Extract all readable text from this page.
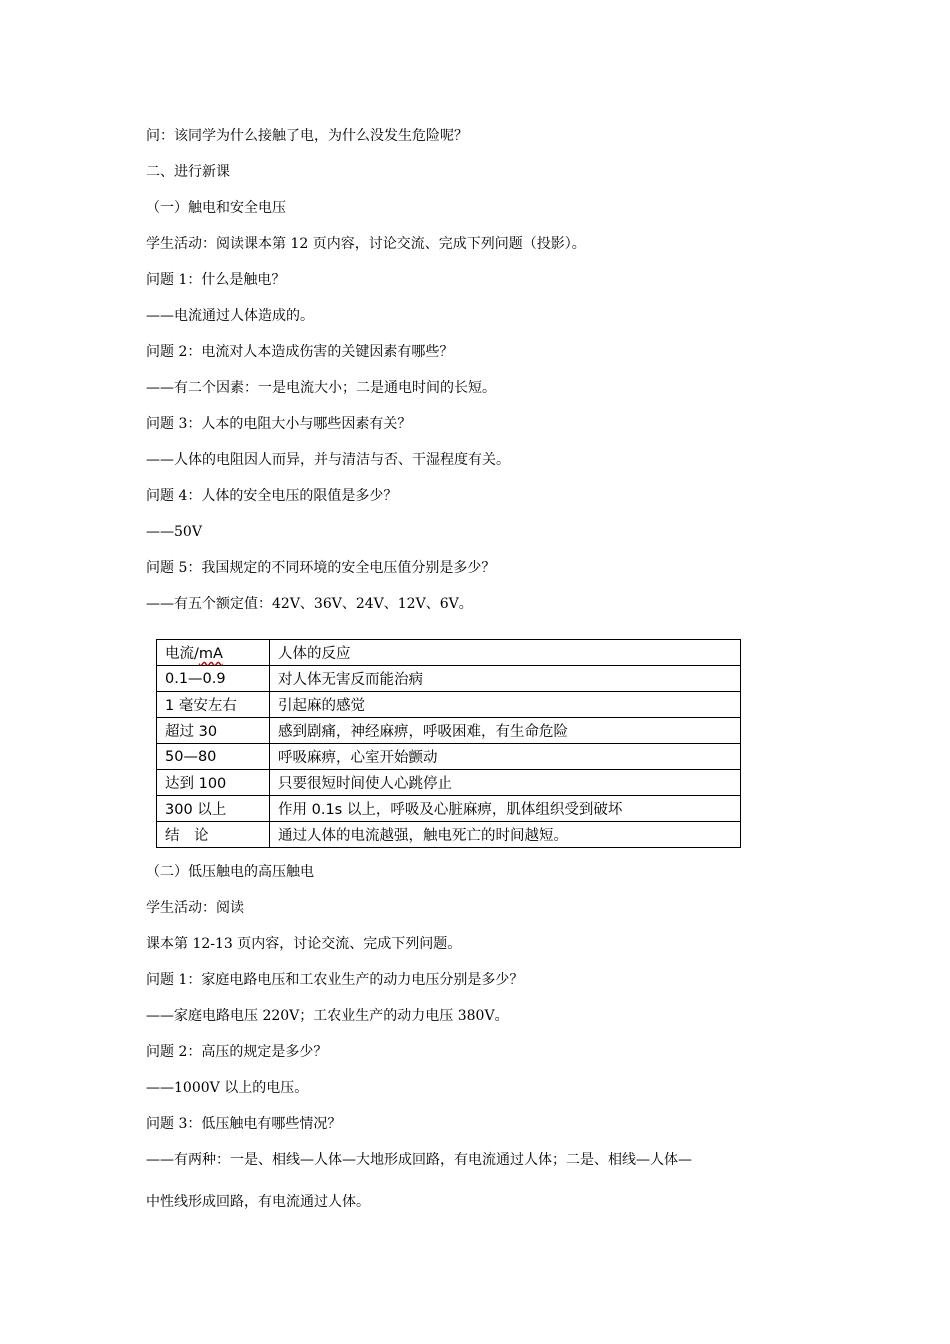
问：该同学为什么接触了电，为什么没发生危险呢？
二、进行新课
（一）触电和安全电压
学生活动：阅读课本第 12 页内容，讨论交流、完成下列问题（投影）。
问题 1：什么是触电？
——电流通过人体造成的。
问题 2：电流对人本造成伤害的关键因素有哪些？
——有二个因素：一是电流大小；二是通电时间的长短。
问题 3：人本的电阻大小与哪些因素有关？
——人体的电阻因人而异，并与清洁与否、干湿程度有关。
问题 4：人体的安全电压的限值是多少？
——50V
问题 5：我国规定的不同环境的安全电压值分别是多少？
——有五个额定值：42V、36V、24V、12V、6V。
电流/mA	人体的反应
0.1—0.9	对人体无害反而能治病
1 毫安左右	引起麻的感觉
超过 30	感到剧痛，神经麻痹，呼吸困难，有生命危险
50—80	呼吸麻痹，心室开始颤动
达到 100	只要很短时间使人心跳停止
300 以上	作用 0.1s 以上，呼吸及心脏麻痹，肌体组织受到破坏
结　论	通过人体的电流越强，触电死亡的时间越短。
（二）低压触电的高压触电
学生活动：阅读
课本第 12-13 页内容，讨论交流、完成下列问题。
问题 1：家庭电路电压和工农业生产的动力电压分别是多少？
——家庭电路电压 220V；工农业生产的动力电压 380V。
问题 2：高压的规定是多少？
——1000V 以上的电压。
问题 3：低压触电有哪些情况？
——有两种：一是、相线—人体—大地形成回路，有电流通过人体；二是、相线—人体—
中性线形成回路，有电流通过人体。
